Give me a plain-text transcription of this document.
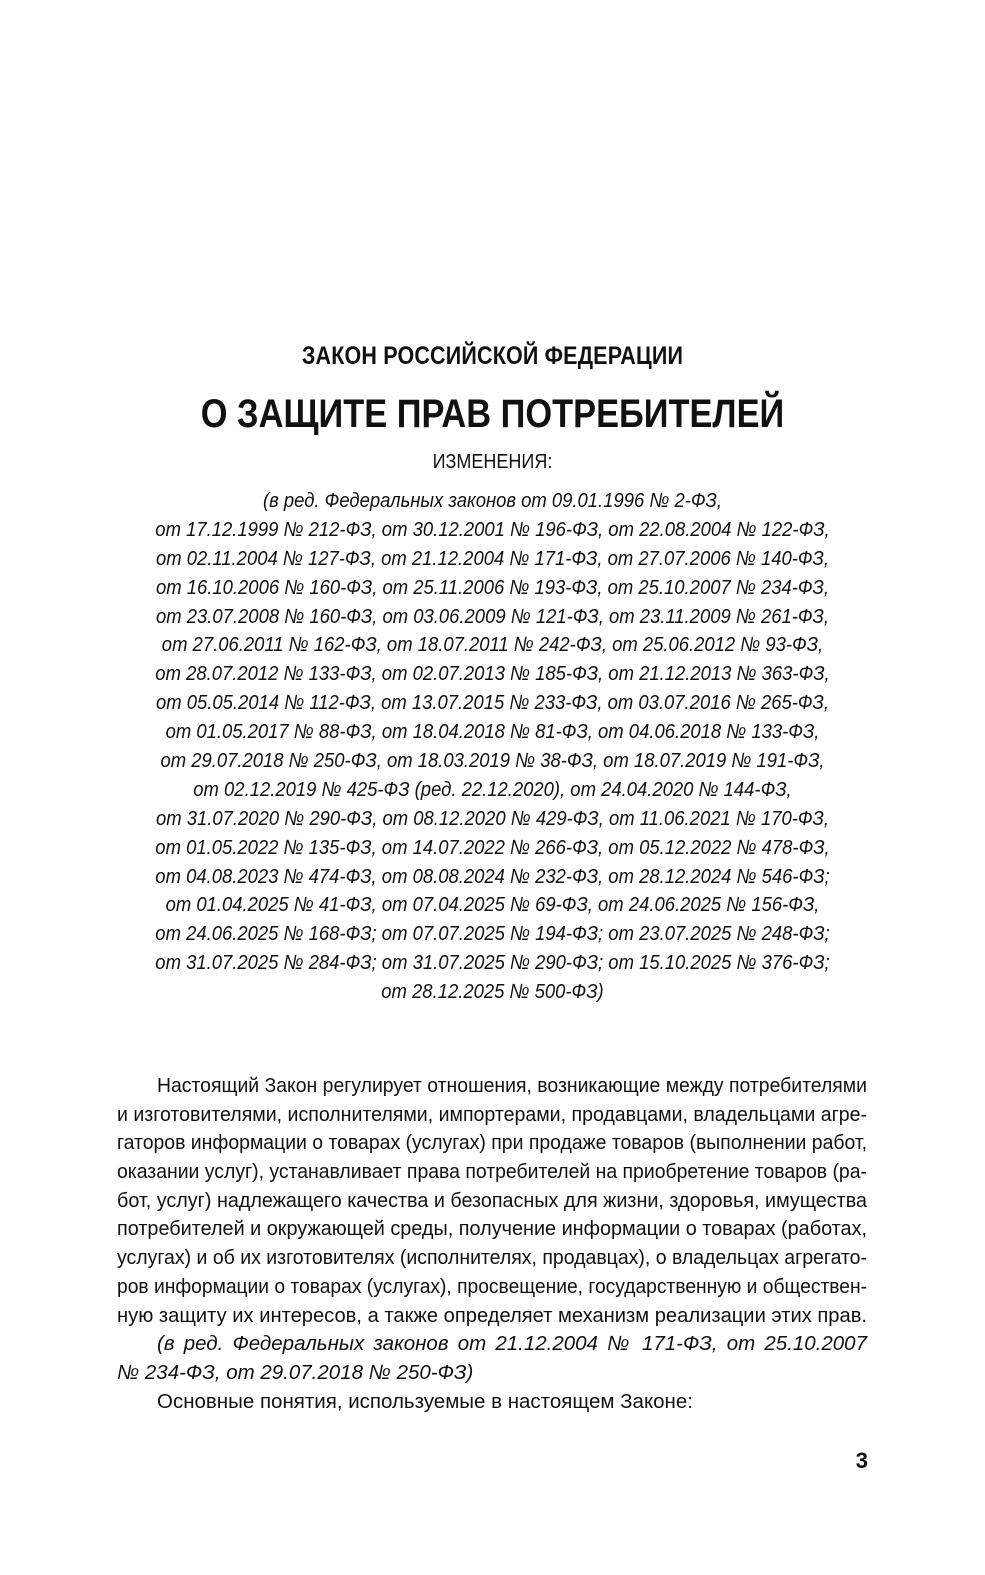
ЗАКОН РОССИЙСКОЙ ФЕДЕРАЦИИ
О ЗАЩИТЕ ПРАВ ПОТРЕБИТЕЛЕЙ
ИЗМЕНЕНИЯ:
(в ред. Федеральных законов от 09.01.1996 № 2-ФЗ,
от 17.12.1999 № 212-ФЗ, от 30.12.2001 № 196-ФЗ, от 22.08.2004 № 122-ФЗ,
от 02.11.2004 № 127-ФЗ, от 21.12.2004 № 171-ФЗ, от 27.07.2006 № 140-ФЗ,
от 16.10.2006 № 160-ФЗ, от 25.11.2006 № 193-ФЗ, от 25.10.2007 № 234-ФЗ,
от 23.07.2008 № 160-ФЗ, от 03.06.2009 № 121-ФЗ, от 23.11.2009 № 261-ФЗ,
от 27.06.2011 № 162-ФЗ, от 18.07.2011 № 242-ФЗ, от 25.06.2012 № 93-ФЗ,
от 28.07.2012 № 133-ФЗ, от 02.07.2013 № 185-ФЗ, от 21.12.2013 № 363-ФЗ,
от 05.05.2014 № 112-ФЗ, от 13.07.2015 № 233-ФЗ, от 03.07.2016 № 265-ФЗ,
от 01.05.2017 № 88-ФЗ, от 18.04.2018 № 81-ФЗ, от 04.06.2018 № 133-ФЗ,
от 29.07.2018 № 250-ФЗ, от 18.03.2019 № 38-ФЗ, от 18.07.2019 № 191-ФЗ,
от 02.12.2019 № 425-ФЗ (ред. 22.12.2020), от 24.04.2020 № 144-ФЗ,
от 31.07.2020 № 290-ФЗ, от 08.12.2020 № 429-ФЗ, от 11.06.2021 № 170-ФЗ,
от 01.05.2022 № 135-ФЗ, от 14.07.2022 № 266-ФЗ, от 05.12.2022 № 478-ФЗ,
от 04.08.2023 № 474-ФЗ, от 08.08.2024 № 232-ФЗ, от 28.12.2024 № 546-ФЗ;
от 01.04.2025 № 41-ФЗ, от 07.04.2025 № 69-ФЗ, от 24.06.2025 № 156-ФЗ,
от 24.06.2025 № 168-ФЗ; от 07.07.2025 № 194-ФЗ; от 23.07.2025 № 248-ФЗ;
от 31.07.2025 № 284-ФЗ; от 31.07.2025 № 290-ФЗ; от 15.10.2025 № 376-ФЗ;
от 28.12.2025 № 500-ФЗ)
Настоящий Закон регулирует отношения, возникающие между потребителями
и изготовителями, исполнителями, импортерами, продавцами, владельцами агре-
гаторов информации о товарах (услугах) при продаже товаров (выполнении работ,
оказании услуг), устанавливает права потребителей на приобретение товаров (ра-
бот, услуг) надлежащего качества и безопасных для жизни, здоровья, имущества
потребителей и окружающей среды, получение информации о товарах (работах,
услугах) и об их изготовителях (исполнителях, продавцах), о владельцах агрегато-
ров информации о товарах (услугах), просвещение, государственную и обществен-
ную защиту их интересов, а также определяет механизм реализации этих прав.
(в ред. Федеральных законов от 21.12.2004 № 171-ФЗ, от 25.10.2007
№ 234-ФЗ, от 29.07.2018 № 250-ФЗ)
Основные понятия, используемые в настоящем Законе:
3
